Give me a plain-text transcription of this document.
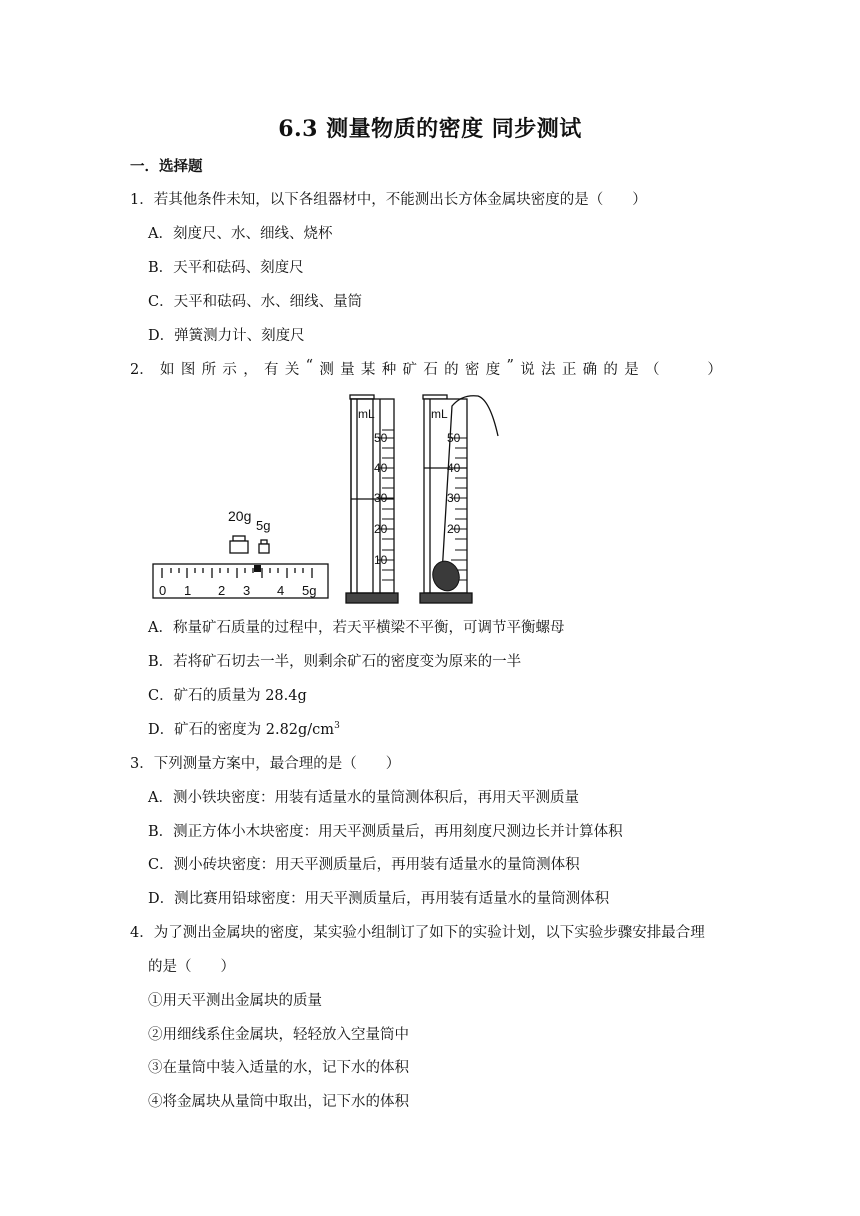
6.3 测量物质的密度 同步测试
一．选择题
1．若其他条件未知，以下各组器材中，不能测出长方体金属块密度的是（　　）
A．刻度尺、水、细线、烧杯
B．天平和砝码、刻度尺
C．天平和砝码、水、细线、量筒
D．弹簧测力计、刻度尺
2． 如 图 所 示 ， 有 关 “ 测 量 某 种 矿 石 的 密 度 ” 说 法 正 确 的 是 （

　	）
20g
5g
0 1 2 3 4 5g
mL
50
40
30
20
10
mL
50
40
30
20
A．称量矿石质量的过程中，若天平横梁不平衡，可调节平衡螺母
B．若将矿石切去一半，则剩余矿石的密度变为原来的一半
C．矿石的质量为 28.4g
D．矿石的密度为 $2.82g/cm^3$
3．下列测量方案中，最合理的是（　　）
A．测小铁块密度：用装有适量水的量筒测体积后，再用天平测质量
B．测正方体小木块密度：用天平测质量后，再用刻度尺测边长并计算体积
C．测小砖块密度：用天平测质量后，再用装有适量水的量筒测体积
D．测比赛用铅球密度：用天平测质量后，再用装有适量水的量筒测体积
4．为了测出金属块的密度，某实验小组制订了如下的实验计划，以下实验步骤安排最合理
的是（　　）
①用天平测出金属块的质量
②用细线系住金属块，轻轻放入空量筒中
③在量筒中装入适量的水，记下水的体积
④将金属块从量筒中取出，记下水的体积
